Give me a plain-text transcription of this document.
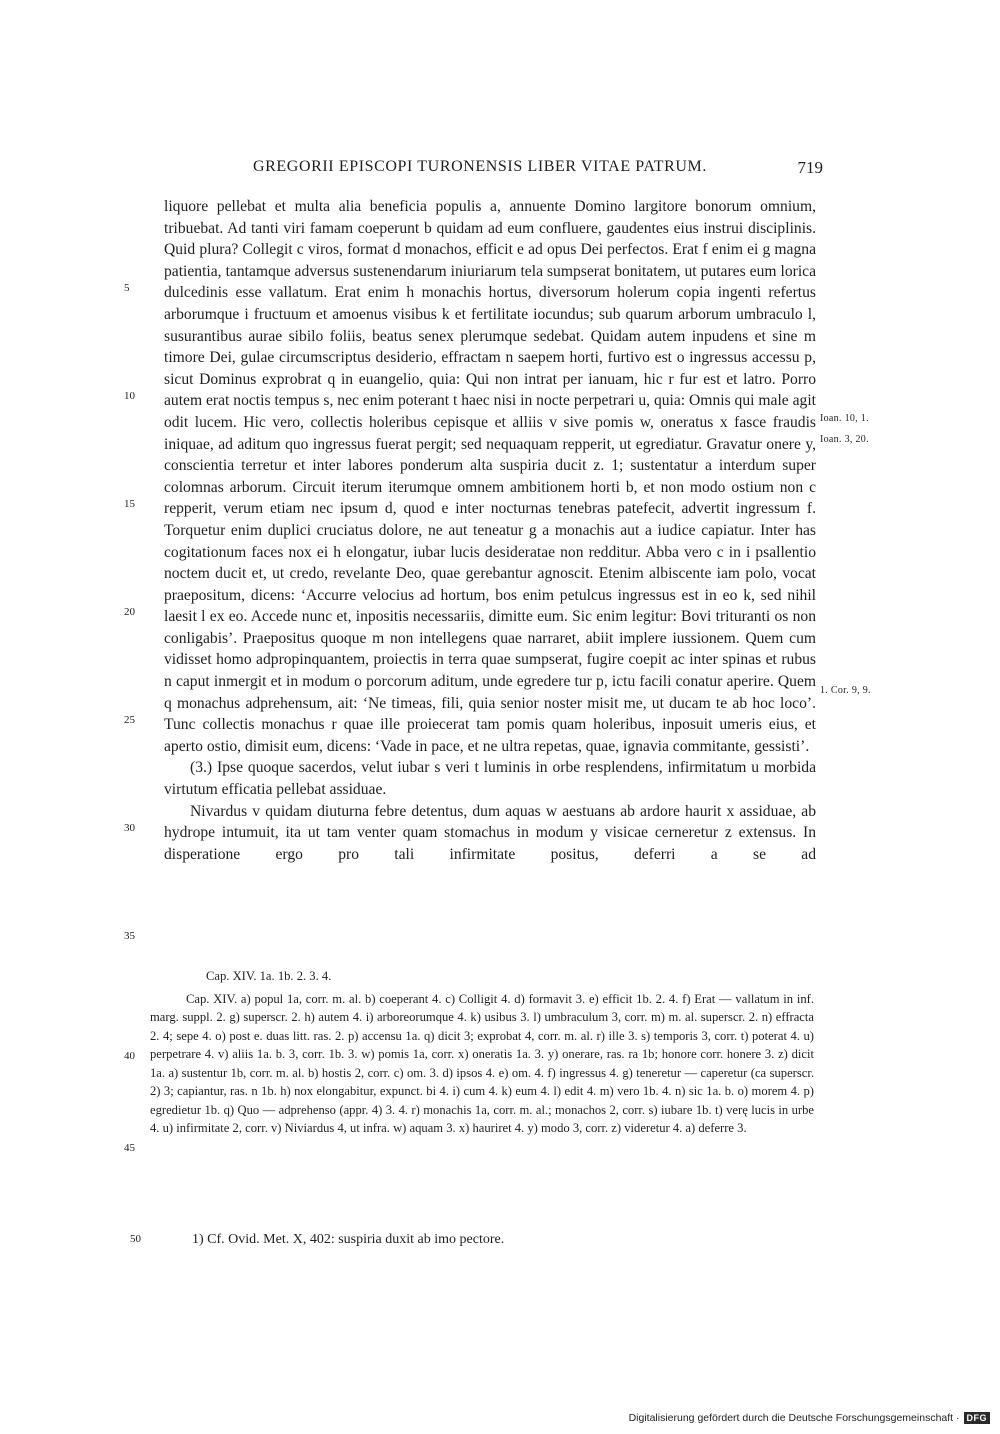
GREGORII EPISCOPI TURONENSIS LIBER VITAE PATRUM.	719
5
10
15
20
25
30
35
40
45
Ioan. 10, 1.
Ioan. 3, 20.
1. Cor. 9, 9.

liquore pellebat et multa alia beneficia populis a, annuente Domino largitore bonorum omnium, tribuebat. Ad tanti viri famam coeperunt b quidam ad eum confluere, gaudentes eius instrui disciplinis. Quid plura? Collegit c viros, format d monachos, efficit e ad opus Dei perfectos. Erat f enim ei g magna patientia, tantamque adversus sustenendarum iniuriarum tela sumpserat bonitatem, ut putares eum lorica dulcedinis esse vallatum. Erat enim h monachis hortus, diversorum holerum copia ingenti refertus arborumque i fructuum et amoenus visibus k et fertilitate iocundus; sub quarum arborum umbraculo l, susurantibus aurae sibilo foliis, beatus senex plerumque sedebat. Quidam autem inpudens et sine m timore Dei, gulae circumscriptus desiderio, effractam n saepem horti, furtivo est o ingressus accessu p, sicut Dominus exprobrat q in euangelio, quia: Qui non intrat per ianuam, hic r fur est et latro. Porro autem erat noctis tempus s, nec enim poterant t haec nisi in nocte perpetrari u, quia: Omnis qui male agit odit lucem. Hic vero, collectis holeribus cepisque et alliis v sive pomis w, oneratus x fasce fraudis iniquae, ad aditum quo ingressus fuerat pergit; sed nequaquam repperit, ut egrediatur. Gravatur onere y, conscientia terretur et inter labores ponderum alta suspiria ducit z. 1; sustentatur a interdum super colomnas arborum. Circuit iterum iterumque omnem ambitionem horti b, et non modo ostium non c repperit, verum etiam nec ipsum d, quod e inter nocturnas tenebras patefecit, advertit ingressum f. Torquetur enim duplici cruciatus dolore, ne aut teneatur g a monachis aut a iudice capiatur. Inter has cogitationum faces nox ei h elongatur, iubar lucis desideratae non redditur. Abba vero c in i psallentio noctem ducit et, ut credo, revelante Deo, quae gerebantur agnoscit. Etenim albiscente iam polo, vocat praepositum, dicens: ‘Accurre velocius ad hortum, bos enim petulcus ingressus est in eo k, sed nihil laesit l ex eo. Accede nunc et, inpositis necessariis, dimitte eum. Sic enim legitur: Bovi trituranti os non conligabis’. Praepositus quoque m non intellegens quae narraret, abiit implere iussionem. Quem cum vidisset homo adpropinquantem, proiectis in terra quae sumpserat, fugire coepit ac inter spinas et rubus n caput inmergit et in modum o porcorum aditum, unde egredere tur p, ictu facili conatur aperire. Quem q monachus adprehensum, ait: ‘Ne timeas, fili, quia senior noster misit me, ut ducam te ab hoc loco’. Tunc collectis monachus r quae ille proiecerat tam pomis quam holeribus, inposuit umeris eius, et aperto ostio, dimisit eum, dicens: ‘Vade in pace, et ne ultra repetas, quae, ignavia commitante, gessisti’.

(3.) Ipse quoque sacerdos, velut iubar s veri t luminis in orbe resplendens, infirmitatum u morbida virtutum efficatia pellebat assiduae.

Nivardus v quidam diuturna febre detentus, dum aquas w aestuans ab ardore haurit x assiduae, ab hydrope intumuit, ita ut tam venter quam stomachus in modum y visicae cerneretur z extensus. In disperatione ergo pro tali infirmitate positus, deferri a se ad

Cap. XIV. 1a. 1b. 2. 3. 4.

Cap. XIV. a) popul 1a, corr. m. al. b) coeperant 4. c) Colligit 4. d) formavit 3. e) efficit 1b. 2. 4. f) Erat — vallatum in inf. marg. suppl. 2. g) superscr. 2. h) autem 4. i) arboreorumque 4. k) usibus 3. l) umbraculum 3, corr. m) m. al. superscr. 2. n) effracta 2. 4; sepe 4. o) post e. duas litt. ras. 2. p) accensu 1a. q) dicit 3; exprobat 4, corr. m. al. r) ille 3. s) temporis 3, corr. t) poterat 4. u) perpetrare 4. v) aliis 1a. b. 3, corr. 1b. 3. w) pomis 1a, corr. x) oneratis 1a. 3. y) onerare, ras. ra 1b; honore corr. honere 3. z) dicit 1a. a) sustentur 1b, corr. m. al. b) hostis 2, corr. c) om. 3. d) ipsos 4. e) om. 4. f) ingressus 4. g) teneretur — caperetur (ca superscr. 2) 3; capiantur, ras. n 1b. h) nox elongabitur, expunct. bi 4. i) cum 4. k) eum 4. l) edit 4. m) vero 1b. 4. n) sic 1a. b. o) morem 4. p) egredietur 1b. q) Quo — adprehenso (appr. 4) 3. 4. r) monachis 1a, corr. m. al.; monachos 2, corr. s) iubare 1b. t) verę lucis in urbe 4. u) infirmitate 2, corr. v) Niviardus 4, ut infra. w) aquam 3. x) hauriret 4. y) modo 3, corr. z) videretur 4. a) deferre 3.

50	1) Cf. Ovid. Met. X, 402: suspiria duxit ab imo pectore.
Digitalisierung gefördert durch die Deutsche Forschungsgemeinschaft · DFG
